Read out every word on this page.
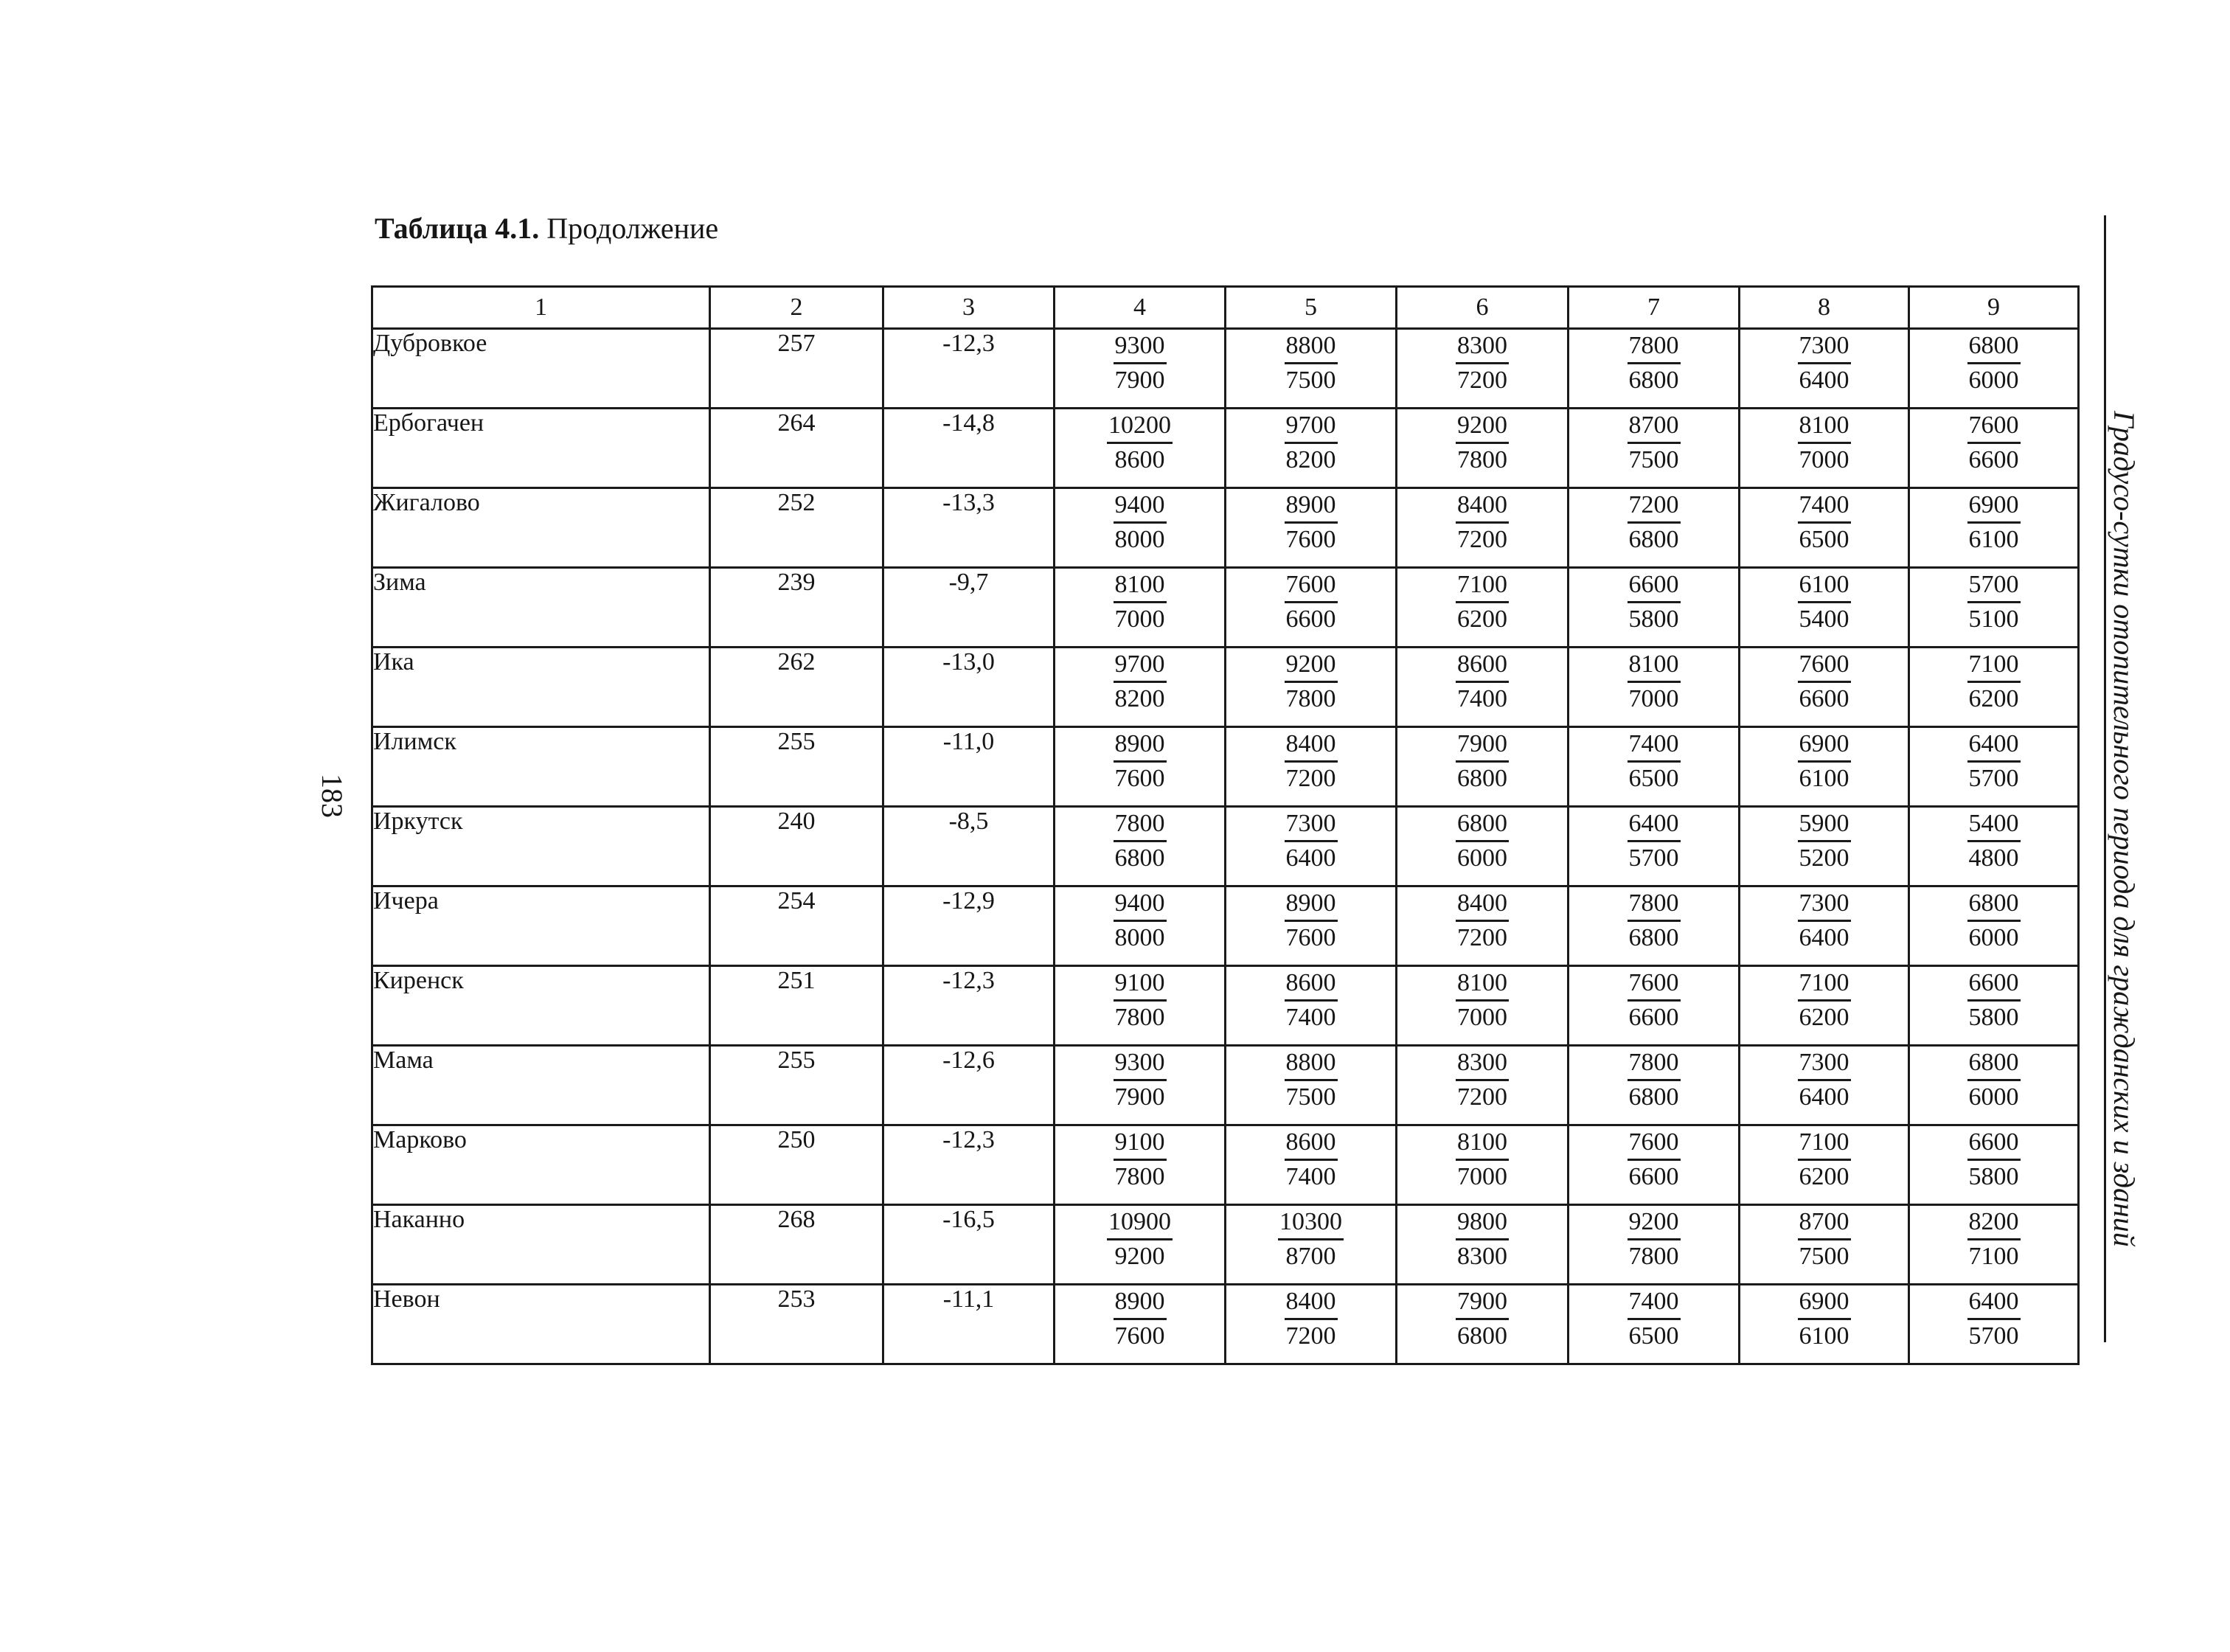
Таблица 4.1. Продолжение
183	Градусо-сутки отопительного периода для гражданских и зданий
1	2	3	4	5	6	7	8	9
Дубровкое	257	-12,3	$\frac{9300}{7900}$	$\frac{8800}{7500}$	$\frac{8300}{7200}$	$\frac{7800}{6800}$	$\frac{7300}{6400}$	$\frac{6800}{6000}$

Ербогачен	264	-14,8	$\frac{10200}{8600}$	$\frac{9700}{8200}$	$\frac{9200}{7800}$	$\frac{8700}{7500}$	$\frac{8100}{7000}$	$\frac{7600}{6600}$

Жигалово	252	-13,3	$\frac{9400}{8000}$	$\frac{8900}{7600}$	$\frac{8400}{7200}$	$\frac{7200}{6800}$	$\frac{7400}{6500}$	$\frac{6900}{6100}$

Зима	239	-9,7	$\frac{8100}{7000}$	$\frac{7600}{6600}$	$\frac{7100}{6200}$	$\frac{6600}{5800}$	$\frac{6100}{5400}$	$\frac{5700}{5100}$

Ика	262	-13,0	$\frac{9700}{8200}$	$\frac{9200}{7800}$	$\frac{8600}{7400}$	$\frac{8100}{7000}$	$\frac{7600}{6600}$	$\frac{7100}{6200}$

Илимск	255	-11,0	$\frac{8900}{7600}$	$\frac{8400}{7200}$	$\frac{7900}{6800}$	$\frac{7400}{6500}$	$\frac{6900}{6100}$	$\frac{6400}{5700}$

Иркутск	240	-8,5	$\frac{7800}{6800}$	$\frac{7300}{6400}$	$\frac{6800}{6000}$	$\frac{6400}{5700}$	$\frac{5900}{5200}$	$\frac{5400}{4800}$

Ичера	254	-12,9	$\frac{9400}{8000}$	$\frac{8900}{7600}$	$\frac{8400}{7200}$	$\frac{7800}{6800}$	$\frac{7300}{6400}$	$\frac{6800}{6000}$

Киренск	251	-12,3	$\frac{9100}{7800}$	$\frac{8600}{7400}$	$\frac{8100}{7000}$	$\frac{7600}{6600}$	$\frac{7100}{6200}$	$\frac{6600}{5800}$

Мама	255	-12,6	$\frac{9300}{7900}$	$\frac{8800}{7500}$	$\frac{8300}{7200}$	$\frac{7800}{6800}$	$\frac{7300}{6400}$	$\frac{6800}{6000}$

Марково	250	-12,3	$\frac{9100}{7800}$	$\frac{8600}{7400}$	$\frac{8100}{7000}$	$\frac{7600}{6600}$	$\frac{7100}{6200}$	$\frac{6600}{5800}$

Наканно	268	-16,5	$\frac{10900}{9200}$	$\frac{10300}{8700}$	$\frac{9800}{8300}$	$\frac{9200}{7800}$	$\frac{8700}{7500}$	$\frac{8200}{7100}$

Невон	253	-11,1	$\frac{8900}{7600}$	$\frac{8400}{7200}$	$\frac{7900}{6800}$	$\frac{7400}{6500}$	$\frac{6900}{6100}$	$\frac{6400}{5700}$
